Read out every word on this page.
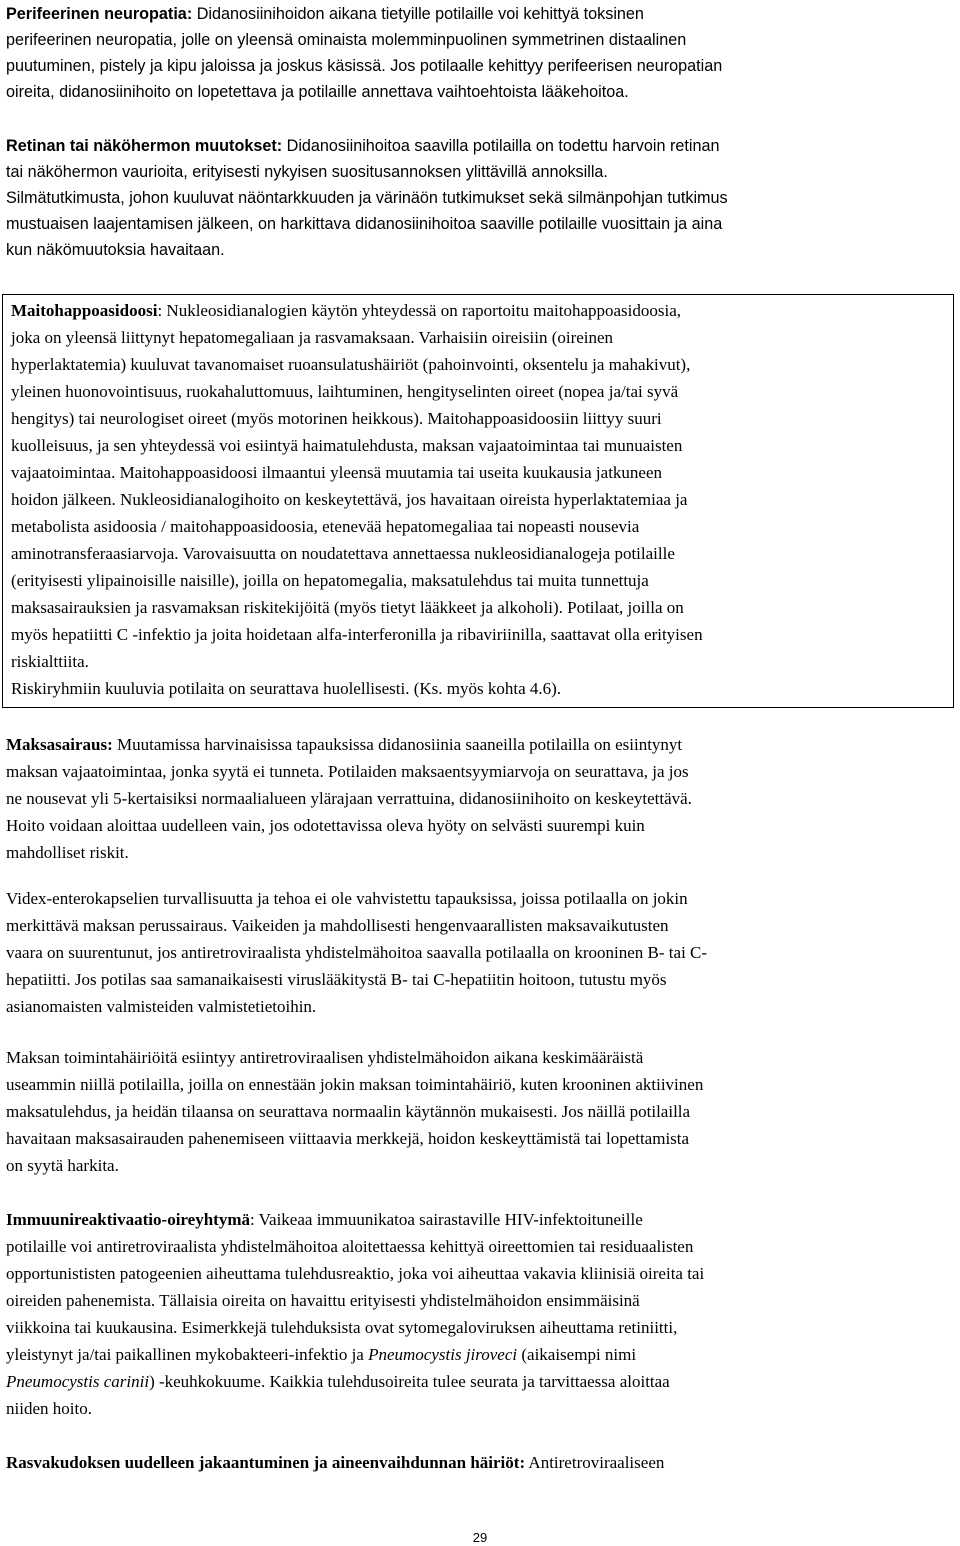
Perifeerinen neuropatia: Didanosiinihoidon aikana tietyille potilaille voi kehittyä toksinen
perifeerinen neuropatia, jolle on yleensä ominaista molemminpuolinen symmetrinen distaalinen
puutuminen, pistely ja kipu jaloissa ja joskus käsissä. Jos potilaalle kehittyy perifeerisen neuropatian
oireita, didanosiinihoito on lopetettava ja potilaille annettava vaihtoehtoista lääkehoitoa.

Retinan tai näköhermon muutokset: Didanosiinihoitoa saavilla potilailla on todettu harvoin retinan
tai näköhermon vaurioita, erityisesti nykyisen suositusannoksen ylittävillä annoksilla.
Silmätutkimusta, johon kuuluvat näöntarkkuuden ja värinäön tutkimukset sekä silmänpohjan tutkimus
mustuaisen laajentamisen jälkeen, on harkittava didanosiinihoitoa saaville potilaille vuosittain ja aina
kun näkömuutoksia havaitaan.

Maitohappoasidoosi: Nukleosidianalogien käytön yhteydessä on raportoitu maitohappoasidoosia,
joka on yleensä liittynyt hepatomegaliaan ja rasvamaksaan. Varhaisiin oireisiin (oireinen
hyperlaktatemia) kuuluvat tavanomaiset ruoansulatushäiriöt (pahoinvointi, oksentelu ja mahakivut),
yleinen huonovointisuus, ruokahaluttomuus, laihtuminen, hengityselinten oireet (nopea ja/tai syvä
hengitys) tai neurologiset oireet (myös motorinen heikkous). Maitohappoasidoosiin liittyy suuri
kuolleisuus, ja sen yhteydessä voi esiintyä haimatulehdusta, maksan vajaatoimintaa tai munuaisten
vajaatoimintaa. Maitohappoasidoosi ilmaantui yleensä muutamia tai useita kuukausia jatkuneen
hoidon jälkeen. Nukleosidianalogihoito on keskeytettävä, jos havaitaan oireista hyperlaktatemiaa ja
metabolista asidoosia / maitohappoasidoosia, etenevää hepatomegaliaa tai nopeasti nousevia
aminotransferaasiarvoja. Varovaisuutta on noudatettava annettaessa nukleosidianalogeja potilaille
(erityisesti ylipainoisille naisille), joilla on hepatomegalia, maksatulehdus tai muita tunnettuja
maksasairauksien ja rasvamaksan riskitekijöitä (myös tietyt lääkkeet ja alkoholi). Potilaat, joilla on
myös hepatiitti C -infektio ja joita hoidetaan alfa-interferonilla ja ribaviriinilla, saattavat olla erityisen
riskialttiita.
Riskiryhmiin kuuluvia potilaita on seurattava huolellisesti. (Ks. myös kohta 4.6).

Maksasairaus: Muutamissa harvinaisissa tapauksissa didanosiinia saaneilla potilailla on esiintynyt
maksan vajaatoimintaa, jonka syytä ei tunneta. Potilaiden maksaentsyymiarvoja on seurattava, ja jos
ne nousevat yli 5-kertaisiksi normaalialueen ylärajaan verrattuina, didanosiinihoito on keskeytettävä.
Hoito voidaan aloittaa uudelleen vain, jos odotettavissa oleva hyöty on selvästi suurempi kuin
mahdolliset riskit.

Videx-enterokapselien turvallisuutta ja tehoa ei ole vahvistettu tapauksissa, joissa potilaalla on jokin
merkittävä maksan perussairaus. Vaikeiden ja mahdollisesti hengenvaarallisten maksavaikutusten
vaara on suurentunut, jos antiretroviraalista yhdistelmähoitoa saavalla potilaalla on krooninen B- tai C-
hepatiitti. Jos potilas saa samanaikaisesti viruslääkitystä B- tai C-hepatiitin hoitoon, tutustu myös
asianomaisten valmisteiden valmistetietoihin.

Maksan toimintahäiriöitä esiintyy antiretroviraalisen yhdistelmähoidon aikana keskimääräistä
useammin niillä potilailla, joilla on ennestään jokin maksan toimintahäiriö, kuten krooninen aktiivinen
maksatulehdus, ja heidän tilaansa on seurattava normaalin käytännön mukaisesti. Jos näillä potilailla
havaitaan maksasairauden pahenemiseen viittaavia merkkejä, hoidon keskeyttämistä tai lopettamista
on syytä harkita.

Immuunireaktivaatio-oireyhtymä: Vaikeaa immuunikatoa sairastaville HIV-infektoituneille
potilaille voi antiretroviraalista yhdistelmähoitoa aloitettaessa kehittyä oireettomien tai residuaalisten
opportunististen patogeenien aiheuttama tulehdusreaktio, joka voi aiheuttaa vakavia kliinisiä oireita tai
oireiden pahenemista. Tällaisia oireita on havaittu erityisesti yhdistelmähoidon ensimmäisinä
viikkoina tai kuukausina. Esimerkkejä tulehduksista ovat sytomegaloviruksen aiheuttama retiniitti,
yleistynyt ja/tai paikallinen mykobakteeri-infektio ja Pneumocystis jiroveci (aikaisempi nimi
Pneumocystis carinii) -keuhkokuume. Kaikkia tulehdusoireita tulee seurata ja tarvittaessa aloittaa
niiden hoito.

Rasvakudoksen uudelleen jakaantuminen ja aineenvaihdunnan häiriöt: Antiretroviraaliseen

29
